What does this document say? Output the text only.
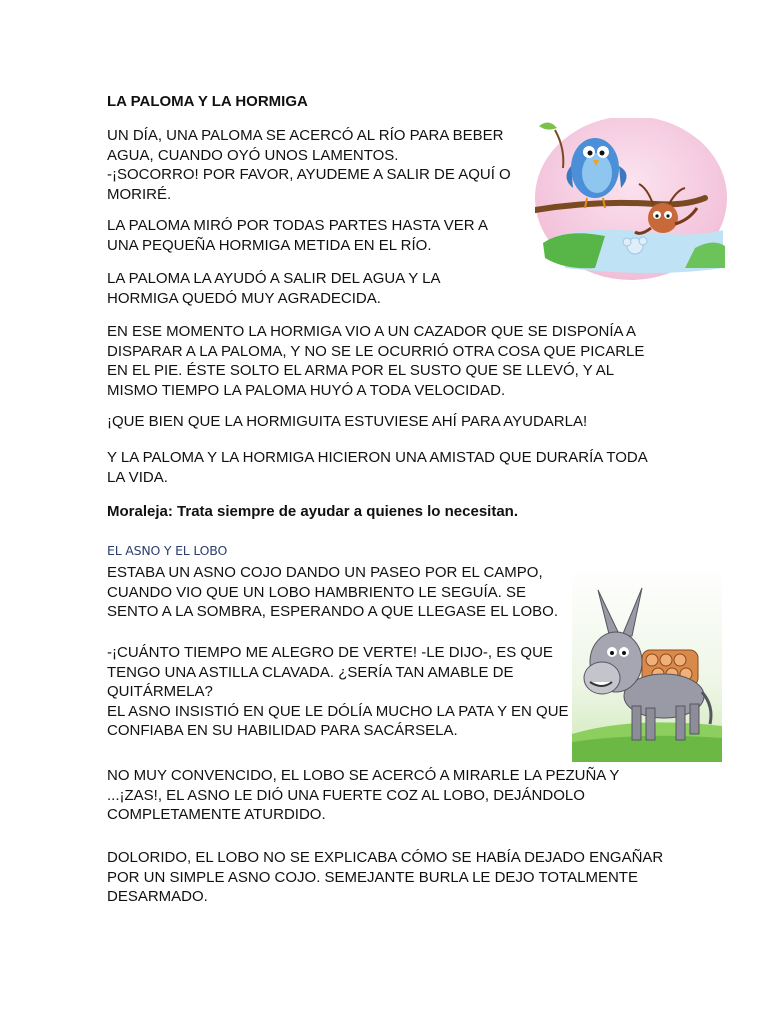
LA PALOMA Y LA HORMIGA

UN DÍA, UNA PALOMA SE ACERCÓ AL RÍO PARA BEBER
AGUA, CUANDO OYÓ UNOS LAMENTOS.
-¡SOCORRO! POR FAVOR, AYUDEME A SALIR DE AQUÍ O
MORIRÉ.

LA PALOMA MIRÓ POR TODAS PARTES HASTA VER A
UNA PEQUEÑA HORMIGA METIDA EN EL RÍO.

LA PALOMA LA AYUDÓ A SALIR DEL AGUA Y LA
HORMIGA QUEDÓ MUY AGRADECIDA.

EN ESE MOMENTO LA HORMIGA VIO A UN CAZADOR QUE SE DISPONÍA A
DISPARAR A LA PALOMA, Y NO SE LE OCURRIÓ OTRA COSA QUE PICARLE
EN EL PIE. ÉSTE SOLTO EL ARMA POR EL SUSTO QUE SE LLEVÓ, Y AL
MISMO TIEMPO LA PALOMA HUYÓ A TODA VELOCIDAD.

¡QUE BIEN QUE LA HORMIGUITA ESTUVIESE AHÍ PARA AYUDARLA!

Y LA PALOMA Y LA HORMIGA HICIERON UNA AMISTAD QUE DURARÍA TODA
LA VIDA.

Moraleja: Trata siempre de ayudar a quienes lo necesitan.

EL ASNO Y EL LOBO

ESTABA UN ASNO COJO DANDO UN PASEO POR EL CAMPO,
CUANDO VIO QUE UN LOBO HAMBRIENTO LE SEGUÍA. SE
SENTO A LA SOMBRA, ESPERANDO A QUE LLEGASE EL LOBO.

-¡CUÁNTO TIEMPO ME ALEGRO DE VERTE! -LE DIJO-, ES QUE
TENGO UNA ASTILLA CLAVADA. ¿SERÍA TAN AMABLE DE
QUITÁRMELA?
EL ASNO INSISTIÓ EN QUE LE DÓLÍA MUCHO LA PATA Y EN QUE
CONFIABA EN SU HABILIDAD PARA SACÁRSELA.

NO MUY CONVENCIDO, EL LOBO SE ACERCÓ A MIRARLE LA PEZUÑA Y
...¡ZAS!, EL ASNO LE DIÓ UNA FUERTE COZ AL LOBO, DEJÁNDOLO
COMPLETAMENTE ATURDIDO.

DOLORIDO, EL LOBO NO SE EXPLICABA CÓMO SE HABÍA DEJADO ENGAÑAR
POR UN SIMPLE ASNO COJO. SEMEJANTE BURLA LE DEJO TOTALMENTE
DESARMADO.
